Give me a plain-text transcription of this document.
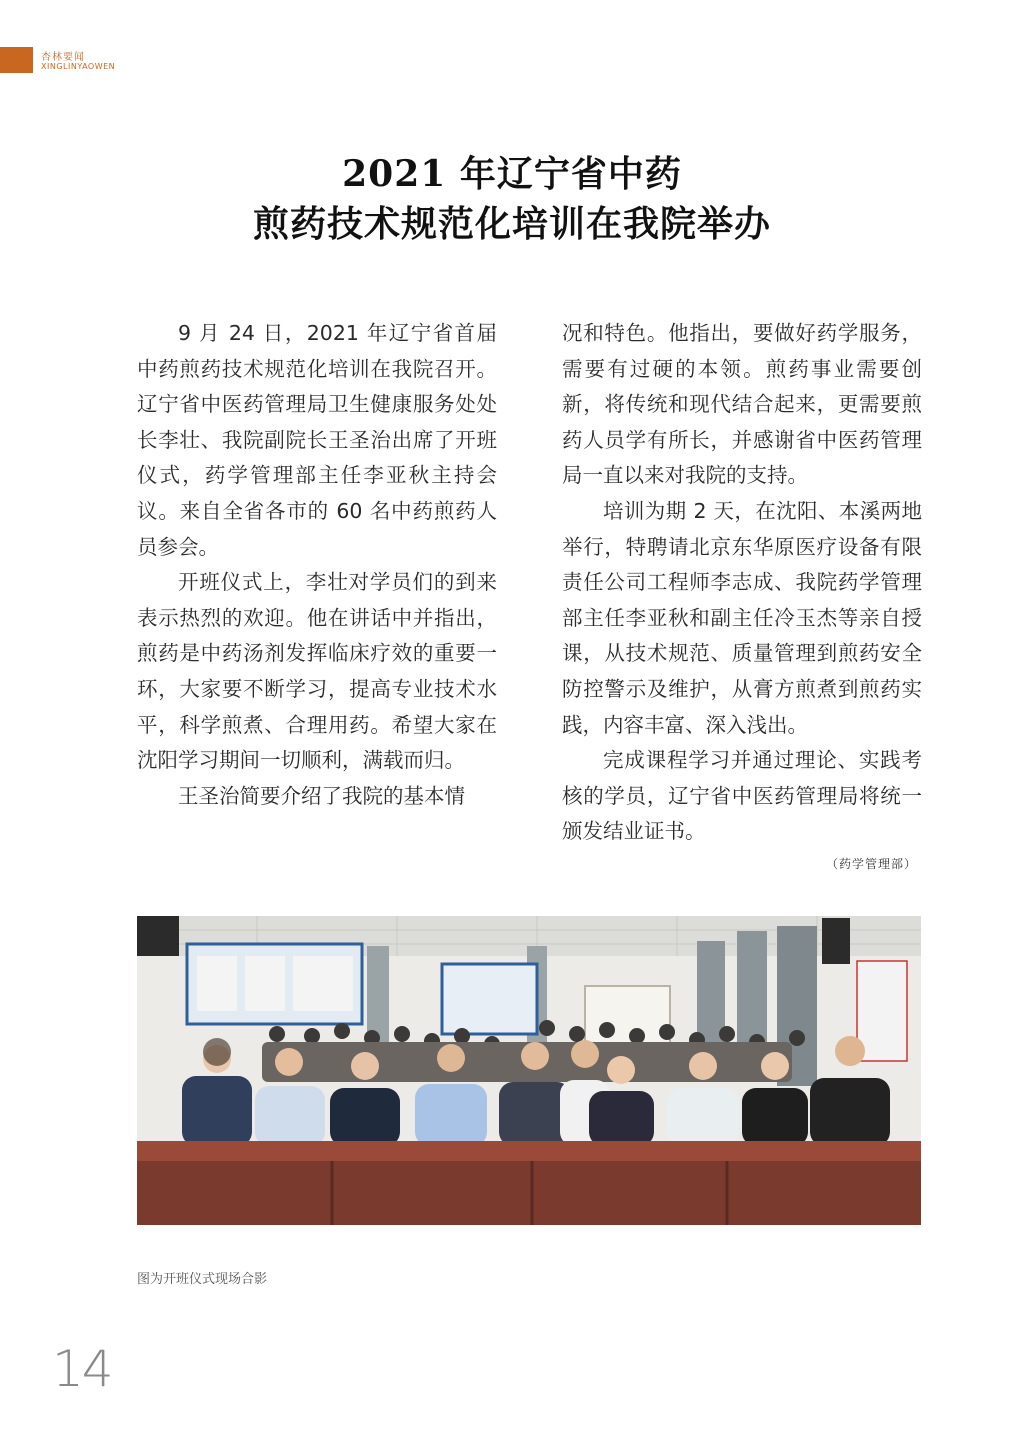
杏林要闻
XINGLINYAOWEN
2021 年辽宁省中药
煎药技术规范化培训在我院举办

9 月 24 日，2021 年辽宁省首届中药煎药技术规范化培训在我院召开。辽宁省中医药管理局卫生健康服务处处长李壮、我院副院长王圣治出席了开班仪式，药学管理部主任李亚秋主持会议。来自全省各市的 60 名中药煎药人员参会。

开班仪式上，李壮对学员们的到来表示热烈的欢迎。他在讲话中并指出，煎药是中药汤剂发挥临床疗效的重要一环，大家要不断学习，提高专业技术水平，科学煎煮、合理用药。希望大家在沈阳学习期间一切顺利，满载而归。

王圣治简要介绍了我院的基本情

况和特色。他指出，要做好药学服务，需要有过硬的本领。煎药事业需要创新，将传统和现代结合起来，更需要煎药人员学有所长，并感谢省中医药管理局一直以来对我院的支持。

培训为期 2 天，在沈阳、本溪两地举行，特聘请北京东华原医疗设备有限责任公司工程师李志成、我院药学管理部主任李亚秋和副主任冷玉杰等亲自授课，从技术规范、质量管理到煎药安全防控警示及维护，从膏方煎煮到煎药实践，内容丰富、深入浅出。

完成课程学习并通过理论、实践考核的学员，辽宁省中医药管理局将统一颁发结业证书。

（药学管理部）
图为开班仪式现场合影
14
